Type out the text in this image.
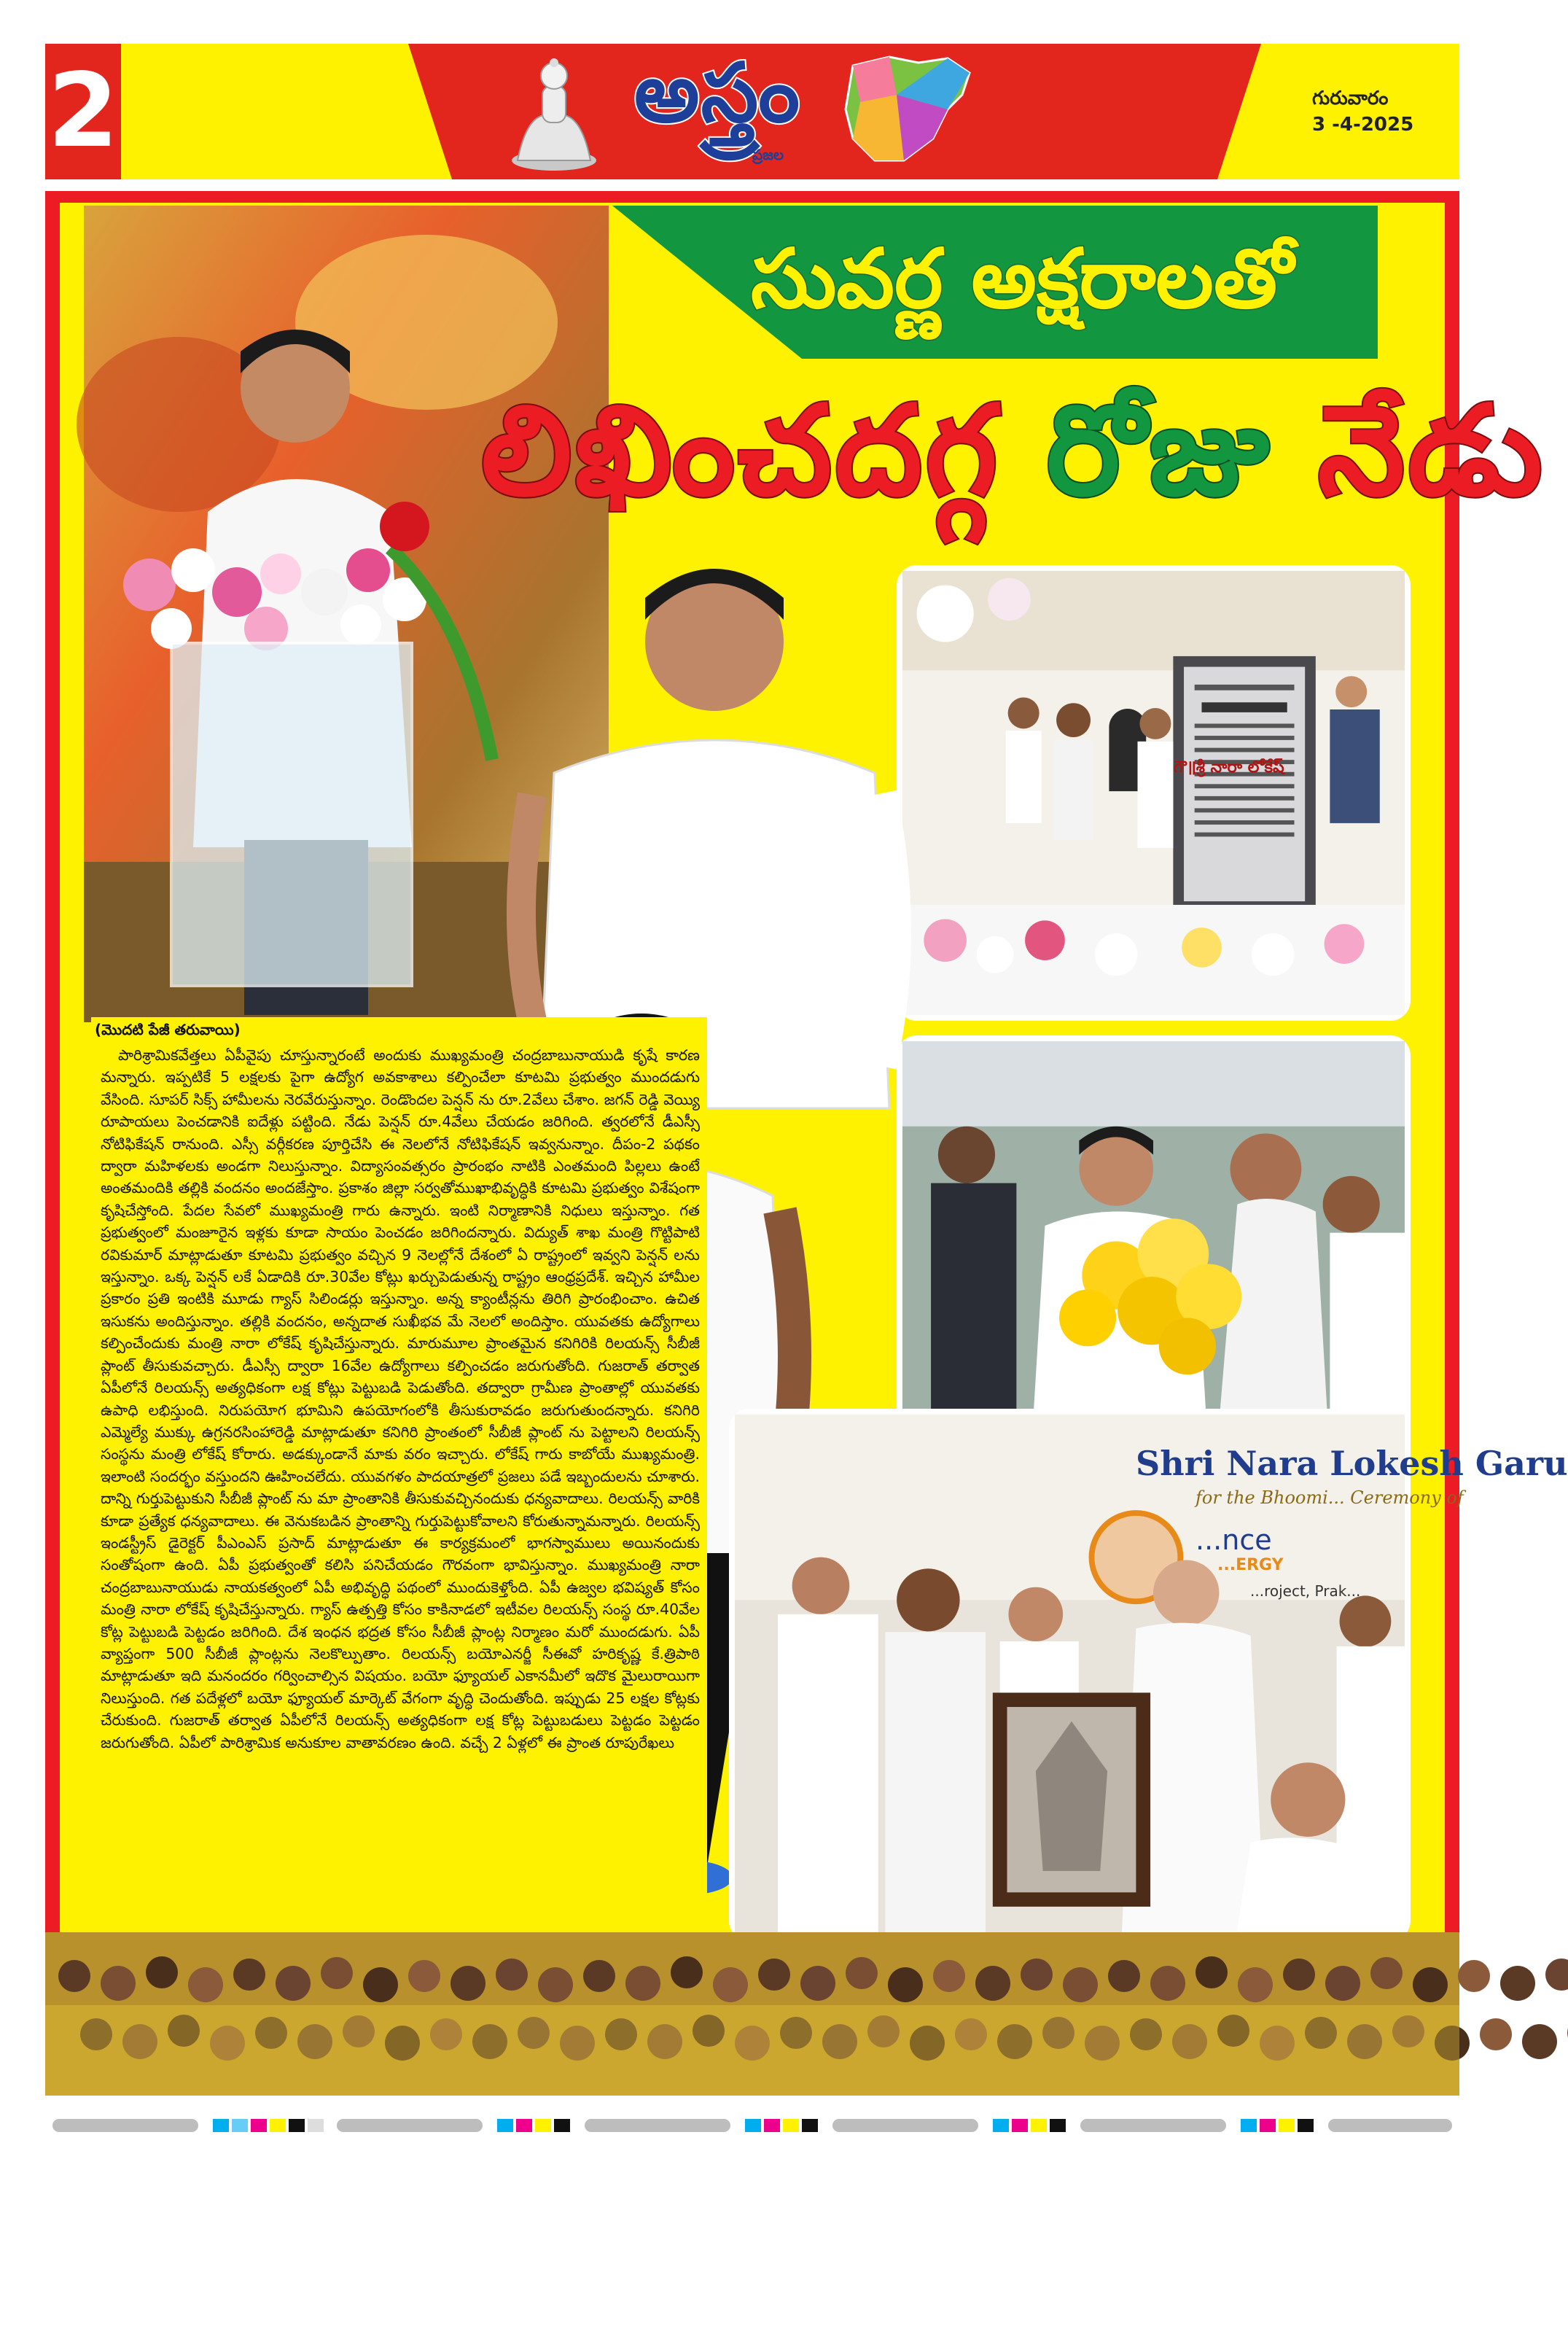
2	అస్త్రం
ప్రజల
గురువారం
3 -4-2025
సువర్ణ అక్షరాలతో
లిఖించదగ్గ రోజు నేడు
గౌ॥శ్రీ నారా లోకేష్
(మొదటి పేజీ తరువాయి)

పారిశ్రామికవేత్తలు ఏపీవైపు చూస్తున్నారంటే అందుకు ముఖ్యమంత్రి చంద్రబాబునాయుడి కృషే కారణ మన్నారు. ఇప్పటికే 5 లక్షలకు పైగా ఉద్యోగ అవకాశాలు కల్పించేలా కూటమి ప్రభుత్వం ముందడుగు వేసింది. సూపర్ సిక్స్ హామీలను నెరవేరుస్తున్నాం. రెండొందల పెన్షన్ ను రూ.2వేలు చేశాం. జగన్ రెడ్డి వెయ్యి రూపాయలు పెంచడానికి ఐదేళ్లు పట్టింది. నేడు పెన్షన్ రూ.4వేలు చేయడం జరిగింది. త్వరలోనే డీఎస్సీ నోటిఫికేషన్ రానుంది. ఎస్సీ వర్గీకరణ పూర్తిచేసి ఈ నెలలోనే నోటిఫికేషన్ ఇవ్వనున్నాం. దీపం-2 పథకం ద్వారా మహిళలకు అండగా నిలుస్తున్నాం. విద్యాసంవత్సరం ప్రారంభం నాటికి ఎంతమంది పిల్లలు ఉంటే అంతమందికి తల్లికి వందనం అందజేస్తాం. ప్రకాశం జిల్లా సర్వతోముఖాభివృద్ధికి కూటమి ప్రభుత్వం విశేషంగా కృషిచేస్తోంది. పేదల సేవలో ముఖ్యమంత్రి గారు ఉన్నారు. ఇంటి నిర్మాణానికి నిధులు ఇస్తున్నాం. గత ప్రభుత్వంలో మంజూరైన ఇళ్లకు కూడా సాయం పెంచడం జరిగిందన్నారు. విద్యుత్ శాఖ మంత్రి గొట్టిపాటి రవికుమార్ మాట్లాడుతూ కూటమి ప్రభుత్వం వచ్చిన 9 నెలల్లోనే దేశంలో ఏ రాష్ట్రంలో ఇవ్వని పెన్షన్ లను ఇస్తున్నాం. ఒక్క పెన్షన్ లకే ఏడాదికి రూ.30వేల కోట్లు ఖర్చుపెడుతున్న రాష్ట్రం ఆంధ్రప్రదేశ్. ఇచ్చిన హామీల ప్రకారం ప్రతి ఇంటికి మూడు గ్యాస్ సిలిండర్లు ఇస్తున్నాం. అన్న క్యాంటీన్లను తిరిగి ప్రారంభించాం. ఉచిత ఇసుకను అందిస్తున్నాం. తల్లికి వందనం, అన్నదాత సుఖీభవ మే నెలలో అందిస్తాం. యువతకు ఉద్యోగాలు కల్పించేందుకు మంత్రి నారా లోకేష్ కృషిచేస్తున్నారు. మారుమూల ప్రాంతమైన కనిగిరికి రిలయన్స్ సీబీజీ ప్లాంట్ తీసుకువచ్చారు. డీఎస్సీ ద్వారా 16వేల ఉద్యోగాలు కల్పించడం జరుగుతోంది. గుజరాత్ తర్వాత ఏపీలోనే రిలయన్స్ అత్యధికంగా లక్ష కోట్లు పెట్టుబడి పెడుతోంది. తద్వారా గ్రామీణ ప్రాంతాల్లో యువతకు ఉపాధి లభిస్తుంది. నిరుపయోగ భూమిని ఉపయోగంలోకి తీసుకురావడం జరుగుతుందన్నారు. కనిగిరి ఎమ్మెల్యే ముక్కు ఉగ్రనరసింహారెడ్డి మాట్లాడుతూ కనిగిరి ప్రాంతంలో సీబీజీ ప్లాంట్ ను పెట్టాలని రిలయన్స్ సంస్థను మంత్రి లోకేష్ కోరారు. అడక్కుండానే మాకు వరం ఇచ్చారు. లోకేష్ గారు కాబోయే ముఖ్యమంత్రి. ఇలాంటి సందర్భం వస్తుందని ఊహించలేదు. యువగళం పాదయాత్రలో ప్రజలు పడే ఇబ్బందులను చూశారు. దాన్ని గుర్తుపెట్టుకుని సీబీజీ ప్లాంట్ ను మా ప్రాంతానికి తీసుకువచ్చినందుకు ధన్యవాదాలు. రిలయన్స్ వారికి కూడా ప్రత్యేక ధన్యవాదాలు. ఈ వెనుకబడిన ప్రాంతాన్ని గుర్తుపెట్టుకోవాలని కోరుతున్నామన్నారు. రిలయన్స్ ఇండస్ట్రీస్ డైరెక్టర్ పీఎంఎస్ ప్రసాద్ మాట్లాడుతూ ఈ కార్యక్రమంలో భాగస్వాములు అయినందుకు సంతోషంగా ఉంది. ఏపీ ప్రభుత్వంతో కలిసి పనిచేయడం గౌరవంగా భావిస్తున్నాం. ముఖ్యమంత్రి నారా చంద్రబాబునాయుడు నాయకత్వంలో ఏపీ అభివృద్ధి పథంలో ముందుకెళ్తోంది. ఏపీ ఉజ్వల భవిష్యత్ కోసం మంత్రి నారా లోకేష్ కృషిచేస్తున్నారు. గ్యాస్ ఉత్పత్తి కోసం కాకినాడలో ఇటీవల రిలయన్స్ సంస్థ రూ.40వేల కోట్ల పెట్టుబడి పెట్టడం జరిగింది. దేశ ఇంధన భద్రత కోసం సీబీజీ ప్లాంట్ల నిర్మాణం మరో ముందడుగు. ఏపీ వ్యాప్తంగా 500 సీబీజీ ప్లాంట్లను నెలకొల్పుతాం. రిలయన్స్ బయోఎనర్జీ సీఈవో హరికృష్ణ కే.త్రిపాఠి మాట్లాడుతూ ఇది మనందరం గర్వించాల్సిన విషయం. బయో ఫ్యూయల్ ఎకానమీలో ఇదొక మైలురాయిగా నిలుస్తుంది. గత పదేళ్లలో బయో ఫ్యూయల్ మార్కెట్ వేగంగా వృద్ధి చెందుతోంది. ఇప్పుడు 25 లక్షల కోట్లకు చేరుకుంది. గుజరాత్ తర్వాత ఏపీలోనే రిలయన్స్ అత్యధికంగా లక్ష కోట్ల పెట్టుబడులు పెట్టడం పెట్టడం జరుగుతోంది. ఏపీలో పారిశ్రామిక అనుకూల వాతావరణం ఉంది. వచ్చే 2 ఏళ్లలో ఈ ప్రాంత రూపురేఖలు

Shri Nara Lokesh Garu
for the Bhoomi... Ceremony of
...nce
...ERGY
...roject, Prak...
